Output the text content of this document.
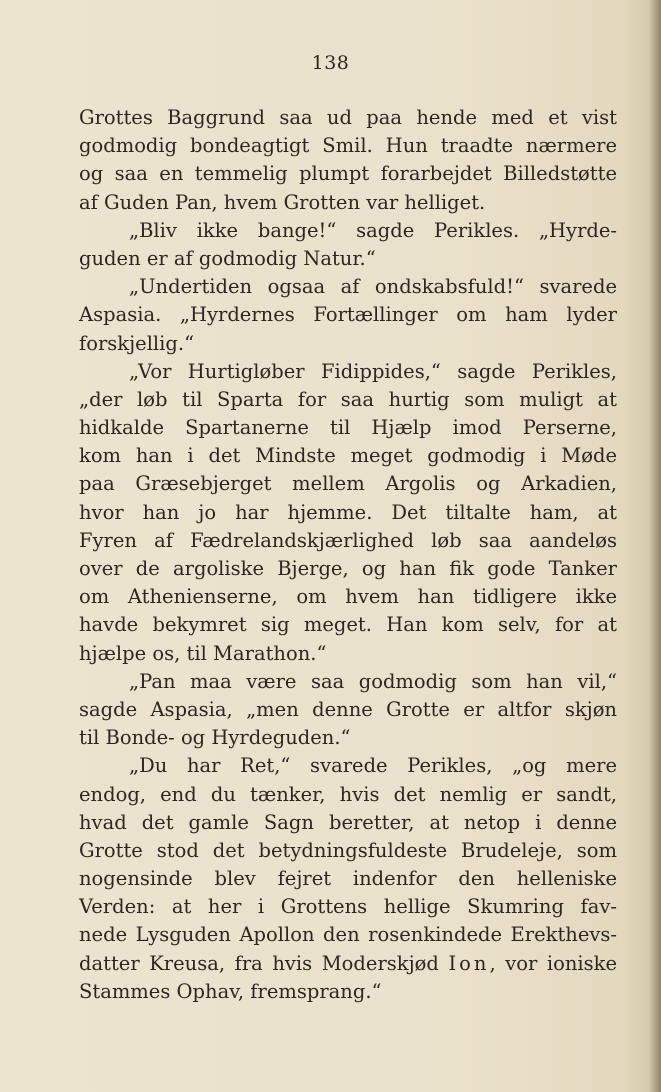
138
Grottes Baggrund saa ud paa hende med et vist
godmodig bondeagtigt Smil. Hun traadte nærmere
og saa en temmelig plumpt forarbejdet Billedstøtte
af Guden Pan, hvem Grotten var helliget.
„Bliv ikke bange!“ sagde Perikles. „Hyrde-
guden er af godmodig Natur.“
„Undertiden ogsaa af ondskabsfuld!“ svarede
Aspasia. „Hyrdernes Fortællinger om ham lyder
forskjellig.“
„Vor Hurtigløber Fidippides,“ sagde Perikles,
„der løb til Sparta for saa hurtig som muligt at
hidkalde Spartanerne til Hjælp imod Perserne,
kom han i det Mindste meget godmodig i Møde
paa Græsebjerget mellem Argolis og Arkadien,
hvor han jo har hjemme. Det tiltalte ham, at
Fyren af Fædrelandskjærlighed løb saa aandeløs
over de argoliske Bjerge, og han fik gode Tanker
om Athenienserne, om hvem han tidligere ikke
havde bekymret sig meget. Han kom selv, for at
hjælpe os, til Marathon.“
„Pan maa være saa godmodig som han vil,“
sagde Aspasia, „men denne Grotte er altfor skjøn
til Bonde- og Hyrdeguden.“
„Du har Ret,“ svarede Perikles, „og mere
endog, end du tænker, hvis det nemlig er sandt,
hvad det gamle Sagn beretter, at netop i denne
Grotte stod det betydningsfuldeste Brudeleje, som
nogensinde blev fejret indenfor den helleniske
Verden: at her i Grottens hellige Skumring fav-
nede Lysguden Apollon den rosenkindede Erekthevs-
datter Kreusa, fra hvis Moderskjød Ion, vor ioniske
Stammes Ophav, fremsprang.“
